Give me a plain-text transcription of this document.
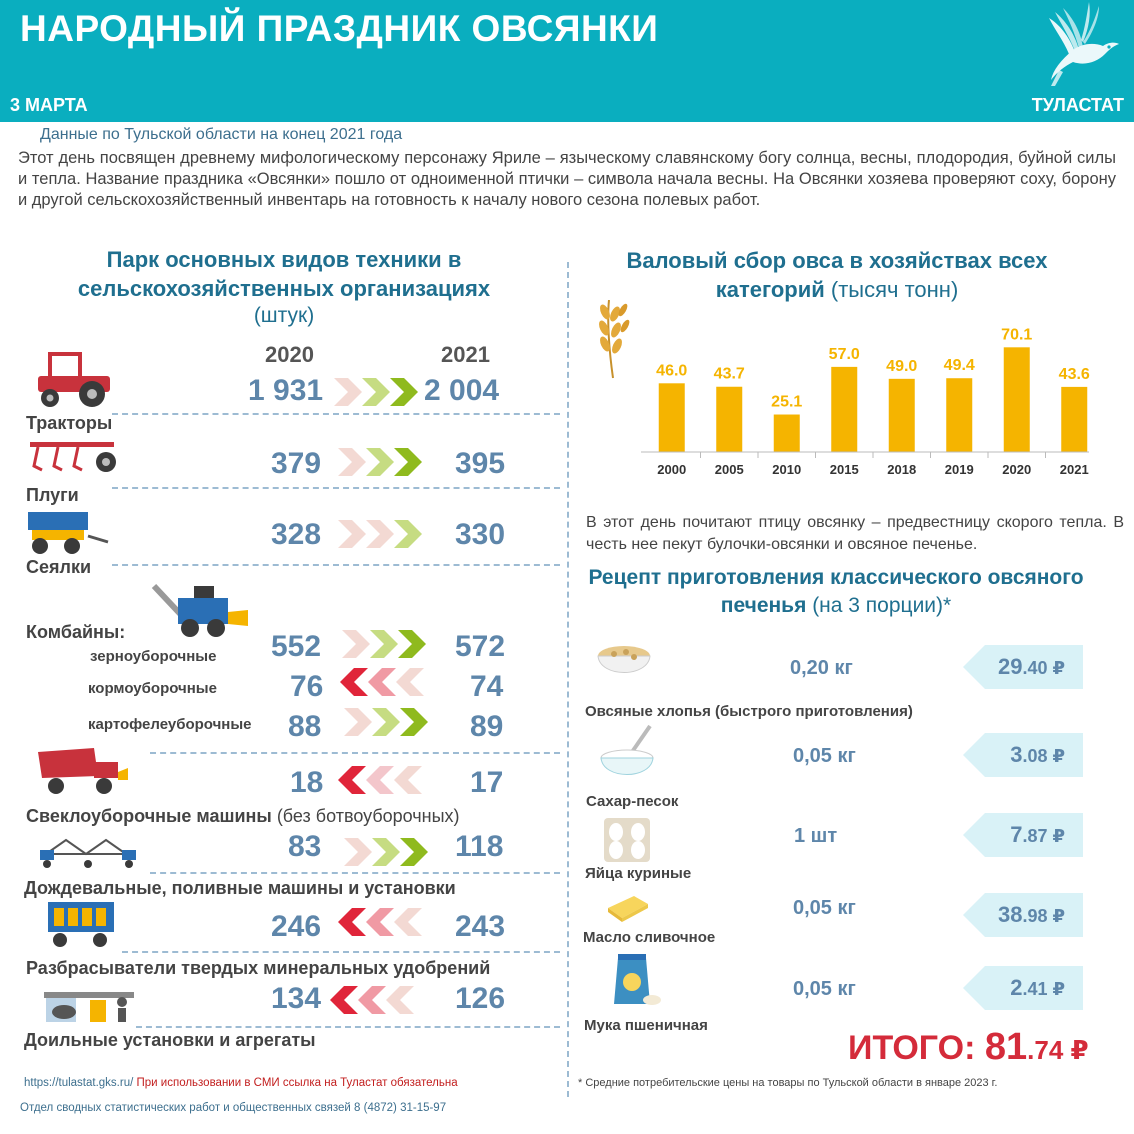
НАРОДНЫЙ ПРАЗДНИК ОВСЯНКИ
3 МАРТА	ТУЛАСТАТ
Данные по Тульской области на конец 2021 года
Этот день посвящен древнему мифологическому персонажу Яриле – языческому славянскому богу солнца, весны, плодородия, буйной силы и тепла. Название праздника «Овсянки» пошло от одноименной птички – символа начала весны. На Овсянки хозяева проверяют соху, борону и другой сельскохозяйственный инвентарь на готовность к началу нового сезона полевых работ.
Парк основных видов техники в сельскохозяйственных организациях
(штук)
2020	2021
1 931	2 004
Тракторы
379	395
Плуги
328	330
Сеялки
Комбайны:
зерноуборочные 552	572
кормоуборочные 76	74
картофелеуборочные 88	89
18	17
Свеклоуборочные машины (без ботвоуборочных)
83	118
Дождевальные, поливные машины и установки
246	243
Разбрасыватели твердых минеральных удобрений
134	126
Доильные установки и агрегаты
Валовый сбор овса в хозяйствах всех категорий (тысяч тонн)
46.0 43.7
25.1
57.0
49.0 49.4
70.1
43.6
2000 2005 2010 2015 2018 2019 2020 2021
В этот день почитают птицу овсянку – предвестницу скорого тепла. В честь нее пекут булочки-овсянки и овсяное печенье.
Рецепт приготовления классического овсяного печенья (на 3 порции)*
Овсяные хлопья (быстрого приготовления)
0,20 кг	29.40 ₽
Сахар-песок
0,05 кг	3.08 ₽
Яйца куриные
1 шт	7.87 ₽
Масло сливочное
0,05 кг	38.98 ₽
Мука пшеничная
0,05 кг	2.41 ₽
ИТОГО: 81.74 ₽
https://tulastat.gks.ru/ При использовании в СМИ ссылка на Туластат обязательна
Отдел сводных статистических работ и общественных связей 8 (4872) 31-15-97
* Средние потребительские цены на товары по Тульской области в январе 2023 г.
